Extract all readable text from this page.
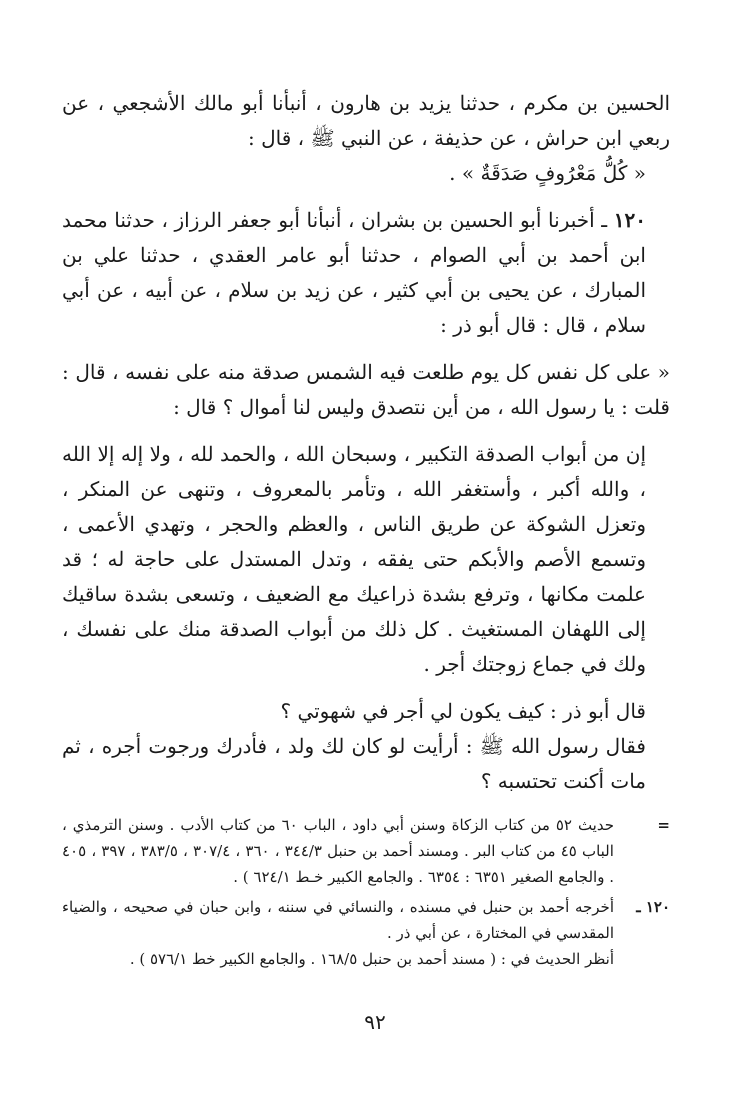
الحسين بن مكرم ، حدثنا يزيد بن هارون ، أنبأنا أبو مالك الأشجعي ، عن ربعي ابن حراش ، عن حذيفة ، عن النبي ﷺ ، قال :

« كُلُّ مَعْرُوفٍ صَدَقَةٌ » .

١٢٠ ـ أخبرنا أبو الحسين بن بشران ، أنبأنا أبو جعفر الرزاز ، حدثنا محمد ابن أحمد بن أبي الصوام ، حدثنا أبو عامر العقدي ، حدثنا علي بن المبارك ، عن يحيى بن أبي كثير ، عن زيد بن سلام ، عن أبيه ، عن أبي سلام ، قال : قال أبو ذر :

« على كل نفس كل يوم طلعت فيه الشمس صدقة منه على نفسه ، قال : قلت : يا رسول الله ، من أين نتصدق وليس لنا أموال ؟ قال :

إن من أبواب الصدقة التكبير ، وسبحان الله ، والحمد لله ، ولا إله إلا الله ، والله أكبر ، وأستغفر الله ، وتأمر بالمعروف ، وتنهى عن المنكر ، وتعزل الشوكة عن طريق الناس ، والعظم والحجر ، وتهدي الأعمى ، وتسمع الأصم والأبكم حتى يفقه ، وتدل المستدل على حاجة له ؛ قد علمت مكانها ، وترفع بشدة ذراعيك مع الضعيف ، وتسعى بشدة ساقيك إلى اللهفان المستغيث . كل ذلك من أبواب الصدقة منك على نفسك ، ولك في جماع زوجتك أجر .

قال أبو ذر : كيف يكون لي أجر في شهوتي ؟

فقال رسول الله ﷺ : أرأيت لو كان لك ولد ، فأدرك ورجوت أجره ، ثم مات أكنت تحتسبه ؟

=

حديث ٥٢ من كتاب الزكاة وسنن أبي داود ، الباب ٦٠ من كتاب الأدب . وسنن الترمذي ، الباب ٤٥ من كتاب البر . ومسند أحمد بن حنبل ٣٤٤/٣ ، ٣٦٠ ، ٣٠٧/٤ ، ٣٨٣/٥ ، ٣٩٧ ، ٤٠٥ . والجامع الصغير ٦٣٥١ : ٦٣٥٤ . والجامع الكبير خـط ٦٢٤/١ ) .

١٢٠ ـ

أخرجه أحمد بن حنبل في مسنده ، والنسائي في سننه ، وابن حبان في صحيحه ، والضياء المقدسي في المختارة ، عن أبي ذر .

أنظر الحديث في : ( مسند أحمد بن حنبل ١٦٨/٥ . والجامع الكبير خط ٥٧٦/١ ) .

٩٢
